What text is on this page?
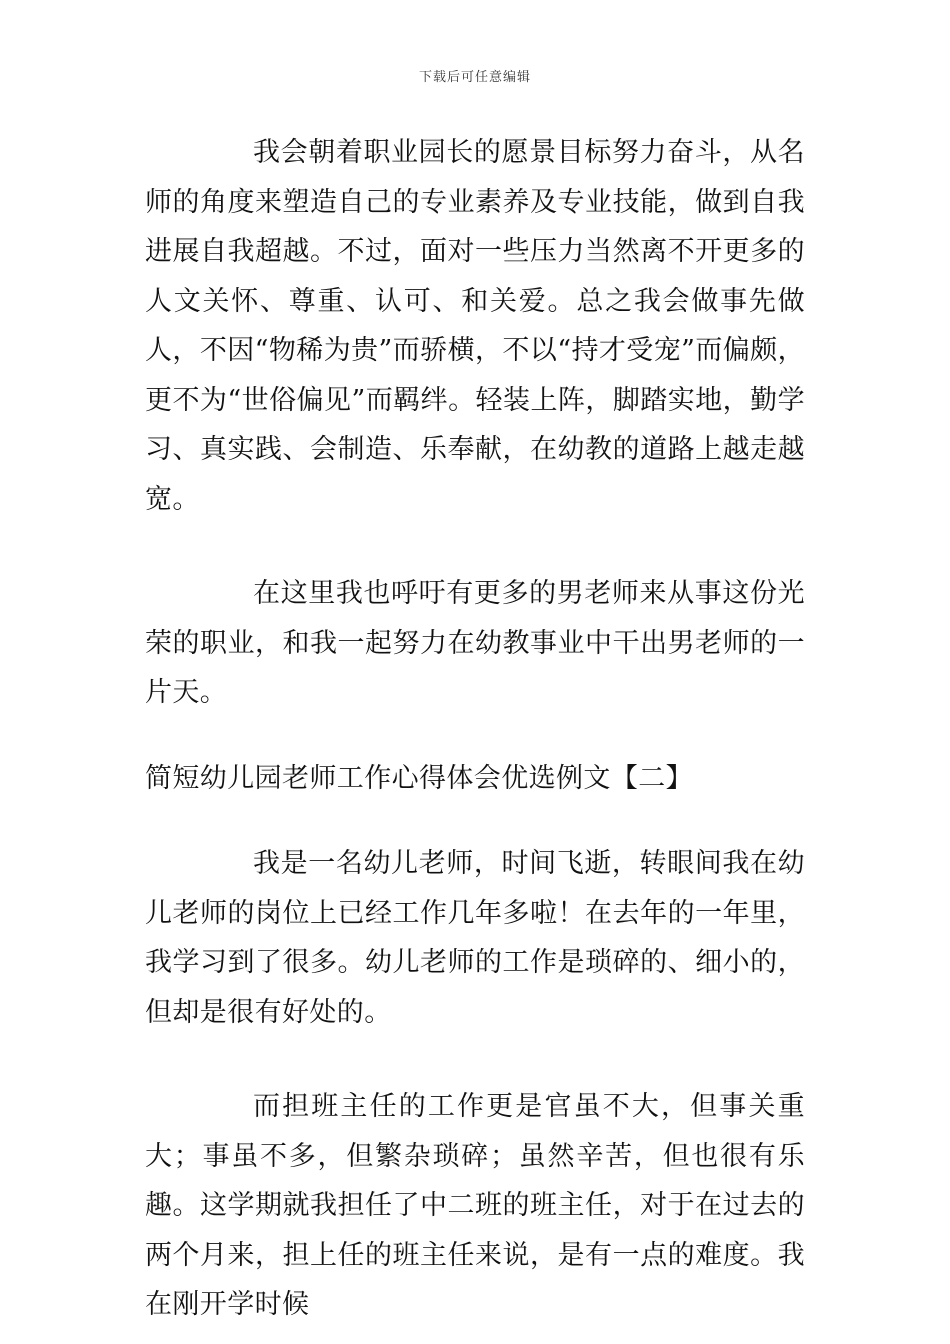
下载后可任意编辑

我会朝着职业园长的愿景目标努力奋斗，从名师的角度来塑造自己的专业素养及专业技能，做到自我进展自我超越。不过，面对一些压力当然离不开更多的人文关怀、尊重、认可、和关爱。总之我会做事先做人，不因“物稀为贵”而骄横，不以“持才受宠”而偏颇，更不为“世俗偏见”而羁绊。轻装上阵，脚踏实地，勤学习、真实践、会制造、乐奉献，在幼教的道路上越走越宽。

在这里我也呼吁有更多的男老师来从事这份光荣的职业，和我一起努力在幼教事业中干出男老师的一片天。

简短幼儿园老师工作心得体会优选例文【二】

我是一名幼儿老师，时间飞逝，转眼间我在幼儿老师的岗位上已经工作几年多啦！在去年的一年里，我学习到了很多。幼儿老师的工作是琐碎的、细小的，但却是很有好处的。

而担班主任的工作更是官虽不大，但事关重大；事虽不多，但繁杂琐碎；虽然辛苦，但也很有乐趣。这学期就我担任了中二班的班主任，对于在过去的两个月来，担上任的班主任来说，是有一点的难度。我在刚开学时候
